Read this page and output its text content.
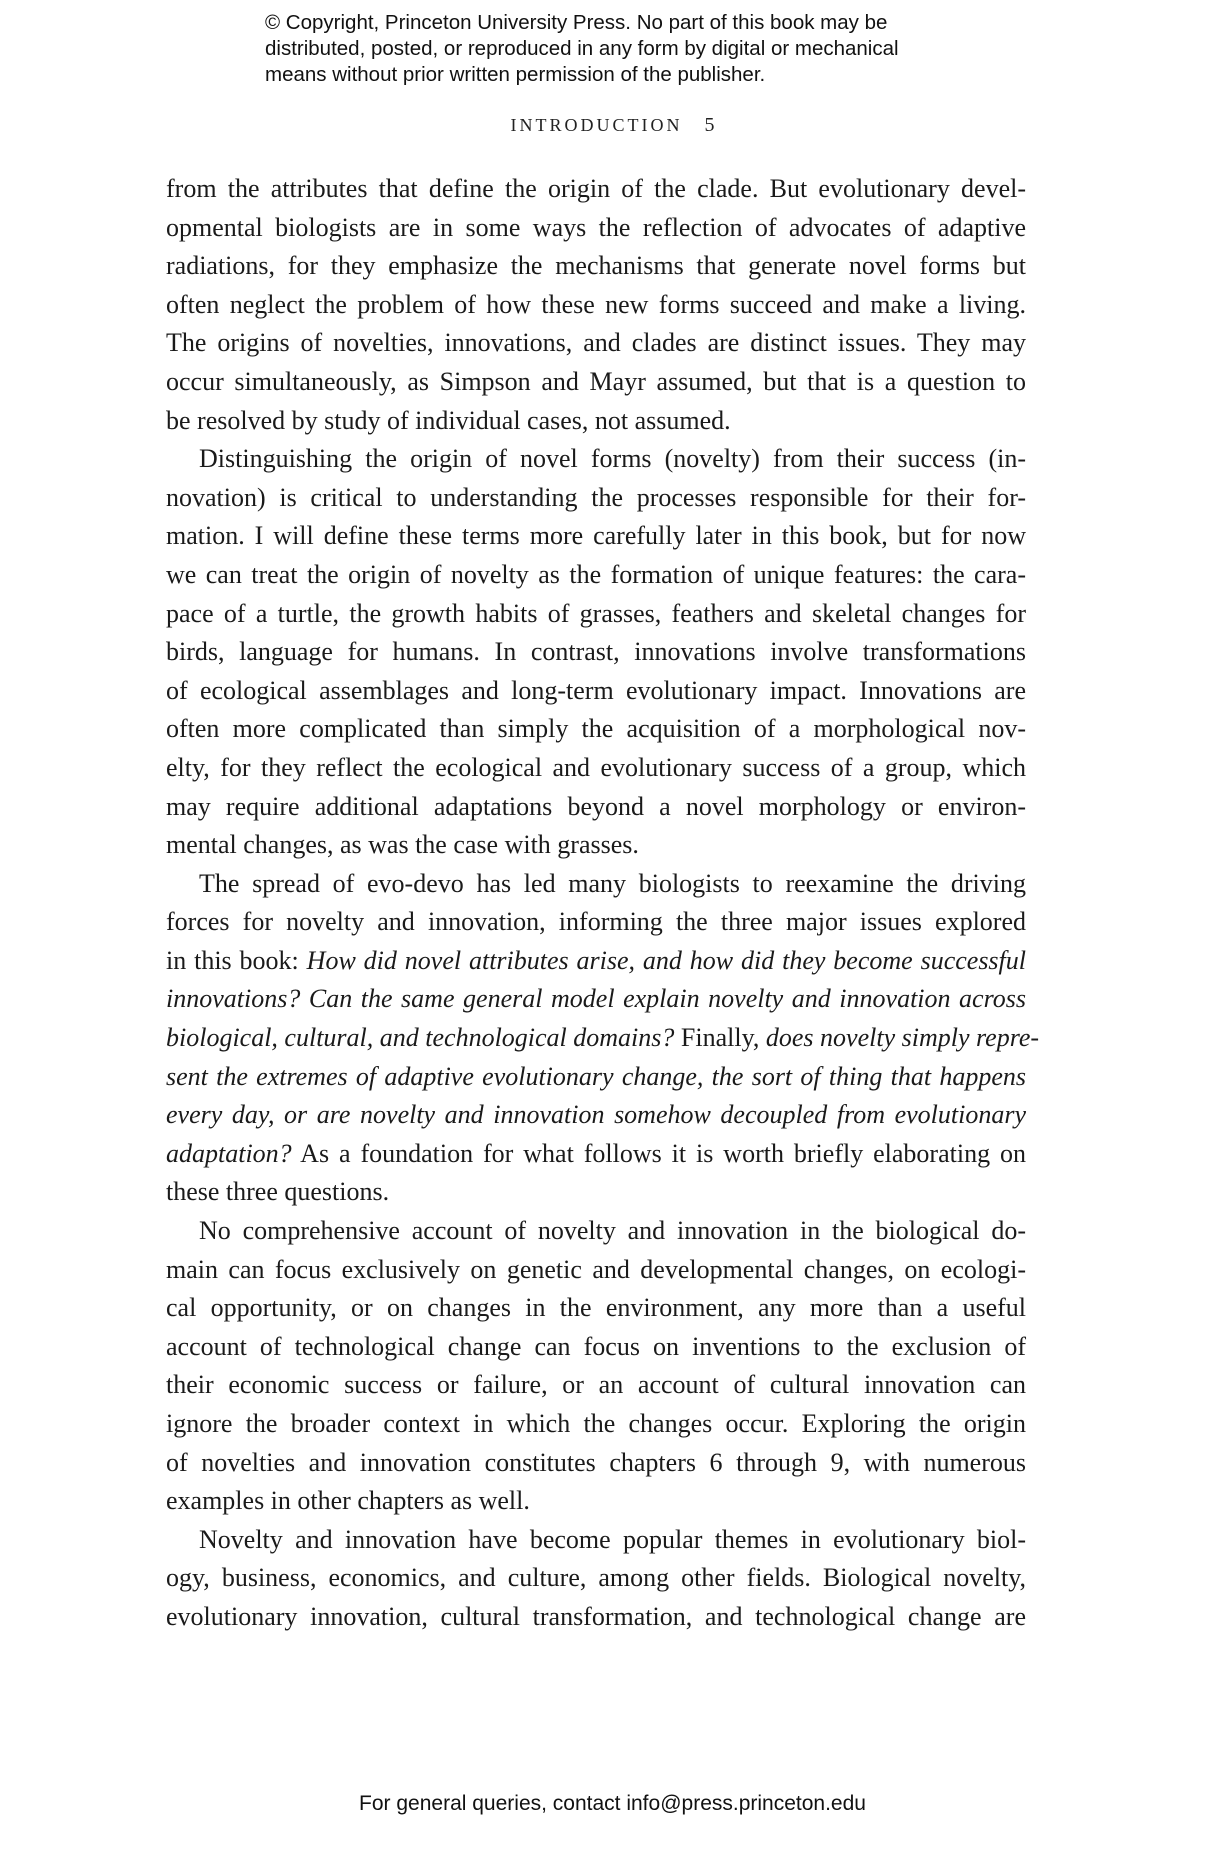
© Copyright, Princeton University Press. No part of this book may be
distributed, posted, or reproduced in any form by digital or mechanical
means without prior written permission of the publisher.
INTRODUCTION 5
from the attributes that define the origin of the clade. But evolutionary devel-
opmental biologists are in some ways the reflection of advocates of adaptive
radiations, for they emphasize the mechanisms that generate novel forms but
often neglect the problem of how these new forms succeed and make a living.
The origins of novelties, innovations, and clades are distinct issues. They may
occur simultaneously, as Simpson and Mayr assumed, but that is a question to
be resolved by study of individual cases, not assumed.
Distinguishing the origin of novel forms (novelty) from their success (in-
novation) is critical to understanding the processes responsible for their for-
mation. I will define these terms more carefully later in this book, but for now
we can treat the origin of novelty as the formation of unique features: the cara-
pace of a turtle, the growth habits of grasses, feathers and skeletal changes for
birds, language for humans. In contrast, innovations involve transformations
of ecological assemblages and long-term evolutionary impact. Innovations are
often more complicated than simply the acquisition of a morphological nov-
elty, for they reflect the ecological and evolutionary success of a group, which
may require additional adaptations beyond a novel morphology or environ-
mental changes, as was the case with grasses.
The spread of evo-devo has led many biologists to reexamine the driving
forces for novelty and innovation, informing the three major issues explored
in this book: How did novel attributes arise, and how did they become successful
innovations? Can the same general model explain novelty and innovation across
biological, cultural, and technological domains? Finally, does novelty simply repre-
sent the extremes of adaptive evolutionary change, the sort of thing that happens
every day, or are novelty and innovation somehow decoupled from evolutionary
adaptation? As a foundation for what follows it is worth briefly elaborating on
these three questions.
No comprehensive account of novelty and innovation in the biological do-
main can focus exclusively on genetic and developmental changes, on ecologi-
cal opportunity, or on changes in the environment, any more than a useful
account of technological change can focus on inventions to the exclusion of
their economic success or failure, or an account of cultural innovation can
ignore the broader context in which the changes occur. Exploring the origin
of novelties and innovation constitutes chapters 6 through 9, with numerous
examples in other chapters as well.
Novelty and innovation have become popular themes in evolutionary biol-
ogy, business, economics, and culture, among other fields. Biological novelty,
evolutionary innovation, cultural transformation, and technological change are
For general queries, contact info@press.princeton.edu
